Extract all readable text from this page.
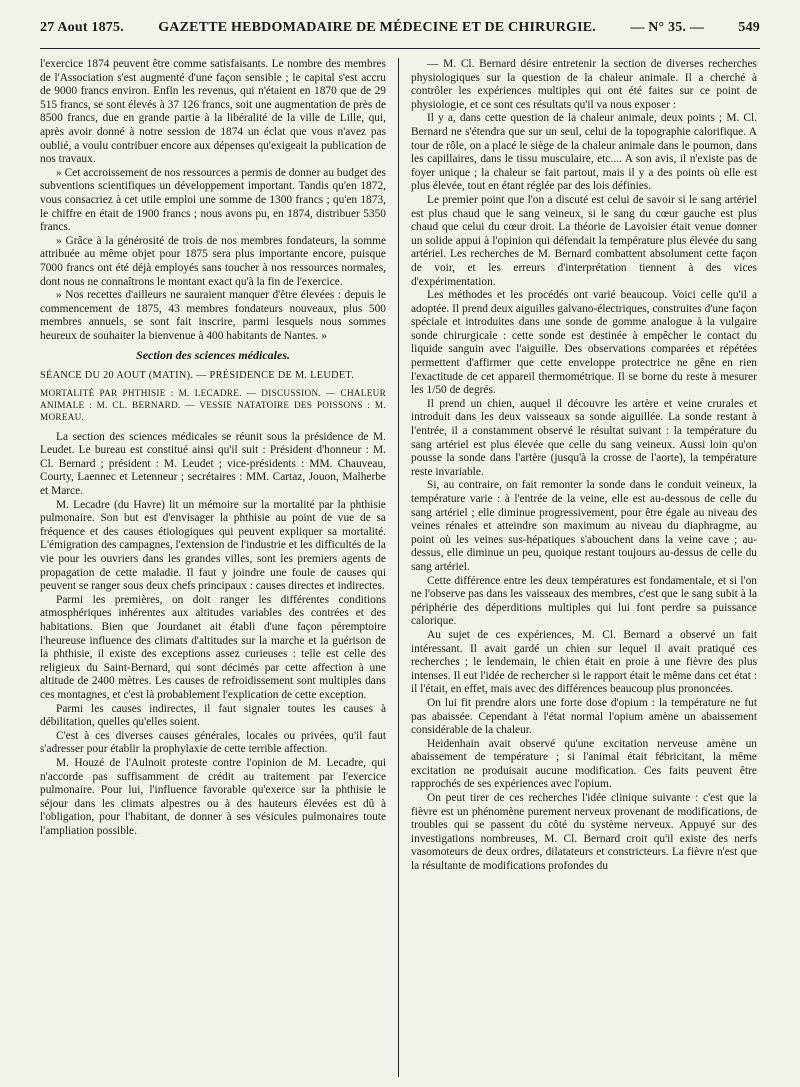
27 Aout 1875. GAZETTE HEBDOMADAIRE DE MÉDECINE ET DE CHIRURGIE. — N° 35. — 549

l'exercice 1874 peuvent être comme satisfaisants. Le nombre des membres de l'Association s'est augmenté d'une façon sensible ; le capital s'est accru de 9000 francs environ. Enfin les revenus, qui n'étaient en 1870 que de 29 515 francs, se sont élevés à 37 126 francs, soit une augmentation de près de 8500 francs, due en grande partie à la libéralité de la ville de Lille, qui, après avoir donné à notre session de 1874 un éclat que vous n'avez pas oublié, a voulu contribuer encore aux dépenses qu'exigeait la publication de nos travaux.

» Cet accroissement de nos ressources a permis de donner au budget des subventions scientifiques un développement important. Tandis qu'en 1872, vous consacriez à cet utile emploi une somme de 1300 francs ; qu'en 1873, le chiffre en était de 1900 francs ; nous avons pu, en 1874, distribuer 5350 francs.

» Grâce à la générosité de trois de nos membres fondateurs, la somme attribuée au même objet pour 1875 sera plus importante encore, puisque 7000 francs ont été déjà employés sans toucher à nos ressources normales, dont nous ne connaîtrons le montant exact qu'à la fin de l'exercice.

» Nos recettes d'ailleurs ne sauraient manquer d'être élevées : depuis le commencement de 1875, 43 membres fondateurs nouveaux, plus 500 membres annuels, se sont fait inscrire, parmi lesquels nous sommes heureux de souhaiter la bienvenue à 400 habitants de Nantes. »

Section des sciences médicales.

SÉANCE DU 20 AOUT (MATIN). — PRÉSIDENCE DE M. LEUDET.

MORTALITÉ PAR PHTHISIE : M. LECADRE. — DISCUSSION. — CHALEUR ANIMALE : M. CL. BERNARD. — VESSIE NATATOIRE DES POISSONS : M. MOREAU.

La section des sciences médicales se réunit sous la présidence de M. Leudet. Le bureau est constitué ainsi qu'il suit : Président d'honneur : M. Cl. Bernard ; président : M. Leudet ; vice-présidents : MM. Chauveau, Courty, Laennec et Letenneur ; secrétaires : MM. Cartaz, Jouon, Malherbe et Marce.

M. Lecadre (du Havre) lit un mémoire sur la mortalité par la phthisie pulmonaire. Son but est d'envisager la phthisie au point de vue de sa fréquence et des causes étiologiques qui peuvent expliquer sa mortalité. L'émigration des campagnes, l'extension de l'industrie et les difficultés de la vie pour les ouvriers dans les grandes villes, sont les premiers agents de propagation de cette maladie. Il faut y joindre une foule de causes qui peuvent se ranger sous deux chefs principaux : causes directes et indirectes.

Parmi les premières, on doit ranger les différentes conditions atmosphériques inhérentes aux altitudes variables des contrées et des habitations. Bien que Jourdanet ait établi d'une façon péremptoire l'heureuse influence des climats d'altitudes sur la marche et la guérison de la phthisie, il existe des exceptions assez curieuses : telle est celle des religieux du Saint-Bernard, qui sont décimés par cette affection à une altitude de 2400 mètres. Les causes de refroidissement sont multiples dans ces montagnes, et c'est là probablement l'explication de cette exception.

Parmi les causes indirectes, il faut signaler toutes les causes à débilitation, quelles qu'elles soient.

C'est à ces diverses causes générales, locales ou privées, qu'il faut s'adresser pour établir la prophylaxie de cette terrible affection.

M. Houzé de l'Aulnoit proteste contre l'opinion de M. Lecadre, qui n'accorde pas suffisamment de crédit au traitement par l'exercice pulmonaire. Pour lui, l'influence favorable qu'exerce sur la phthisie le séjour dans les climats alpestres ou à des hauteurs élevées est dû à l'obligation, pour l'habitant, de donner à ses vésicules pulmonaires toute l'ampliation possible.

— M. Cl. Bernard désire entretenir la section de diverses recherches physiologiques sur la question de la chaleur animale. Il a cherché à contrôler les expériences multiples qui ont été faites sur ce point de physiologie, et ce sont ces résultats qu'il va nous exposer :

Il y a, dans cette question de la chaleur animale, deux points ; M. Cl. Bernard ne s'étendra que sur un seul, celui de la topographie calorifique. A tour de rôle, on a placé le siège de la chaleur animale dans le poumon, dans les capillaires, dans le tissu musculaire, etc.... A son avis, il n'existe pas de foyer unique ; la chaleur se fait partout, mais il y a des points où elle est plus élevée, tout en étant réglée par des lois définies.

Le premier point que l'on a discuté est celui de savoir si le sang artériel est plus chaud que le sang veineux, si le sang du cœur gauche est plus chaud que celui du cœur droit. La théorie de Lavoisier était venue donner un solide appui à l'opinion qui défendait la température plus élevée du sang artériel. Les recherches de M. Bernard combattent absolument cette façon de voir, et les erreurs d'interprétation tiennent à des vices d'expérimentation.

Les méthodes et les procédés ont varié beaucoup. Voici celle qu'il a adoptée. Il prend deux aiguilles galvano-électriques, construites d'une façon spéciale et introduites dans une sonde de gomme analogue à la vulgaire sonde chirurgicale : cette sonde est destinée à empêcher le contact du liquide sanguin avec l'aiguille. Des observations comparées et répétées permettent d'affirmer que cette enveloppe protectrice ne gêne en rien l'exactitude de cet appareil thermométrique. Il se borne du reste à mesurer les 1/50 de degrés.

Il prend un chien, auquel il découvre les artère et veine crurales et introduit dans les deux vaisseaux sa sonde aiguillée. La sonde restant à l'entrée, il a constamment observé le résultat suivant : la température du sang artériel est plus élevée que celle du sang veineux. Aussi loin qu'on pousse la sonde dans l'artère (jusqu'à la crosse de l'aorte), la température reste invariable.

Si, au contraire, on fait remonter la sonde dans le conduit veineux, la température varie : à l'entrée de la veine, elle est au-dessous de celle du sang artériel ; elle diminue progressivement, pour être égale au niveau des veines rénales et atteindre son maximum au niveau du diaphragme, au point où les veines sus-hépatiques s'abouchent dans la veine cave ; au-dessus, elle diminue un peu, quoique restant toujours au-dessus de celle du sang artériel.

Cette différence entre les deux températures est fondamentale, et si l'on ne l'observe pas dans les vaisseaux des membres, c'est que le sang subit à la périphérie des déperditions multiples qui lui font perdre sa puissance calorique.

Au sujet de ces expériences, M. Cl. Bernard a observé un fait intéressant. Il avait gardé un chien sur lequel il avait pratiqué ces recherches ; le lendemain, le chien était en proie à une fièvre des plus intenses. Il eut l'idée de rechercher si le rapport était le même dans cet état : il l'était, en effet, mais avec des différences beaucoup plus prononcées.

On lui fit prendre alors une forte dose d'opium : la température ne fut pas abaissée. Cependant à l'état normal l'opium amène un abaissement considérable de la chaleur.

Heidenhain avait observé qu'une excitation nerveuse amène un abaissement de température ; si l'animal était fébricitant, la même excitation ne produisait aucune modification. Ces faits peuvent être rapprochés de ses expériences avec l'opium.

On peut tirer de ces recherches l'idée clinique suivante : c'est que la fièvre est un phénomène purement nerveux provenant de modifications, de troubles qui se passent du côté du système nerveux. Appuyé sur des investigations nombreuses, M. Cl. Bernard croit qu'il existe des nerfs vasomoteurs de deux ordres, dilatateurs et constricteurs. La fièvre n'est que la résultante de modifications profondes du
